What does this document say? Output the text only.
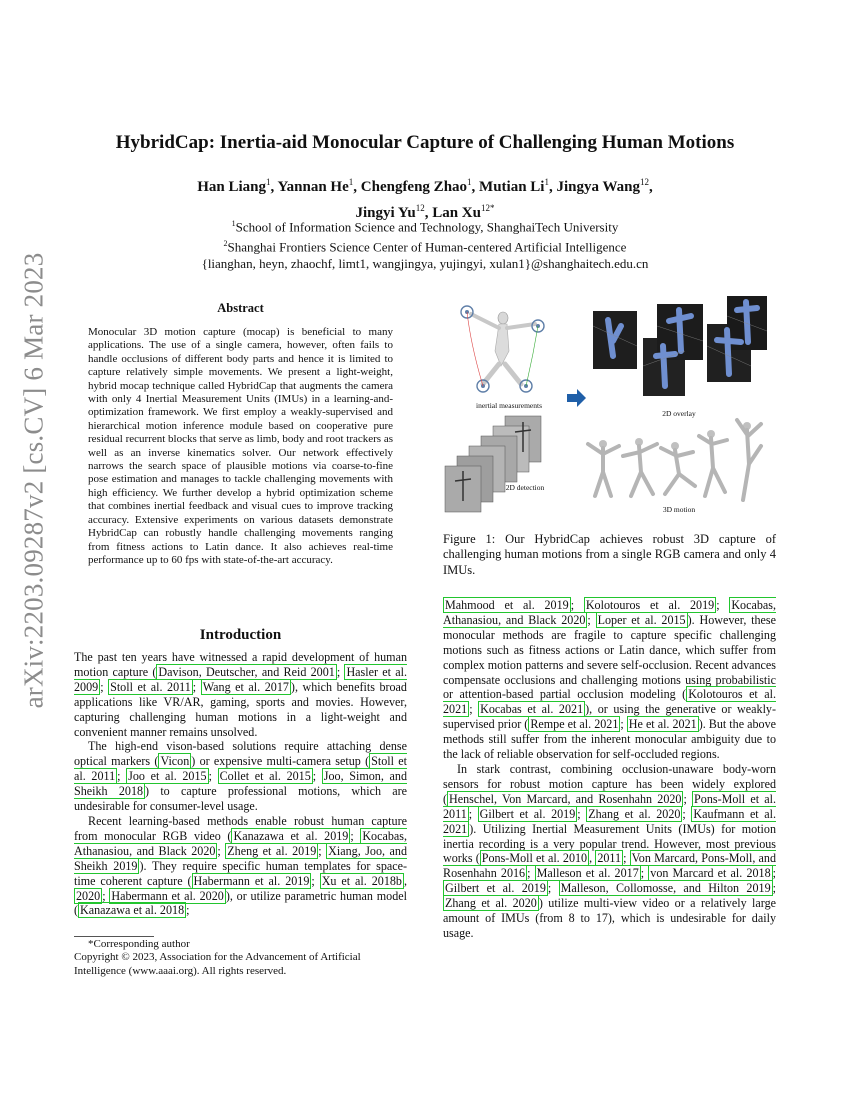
arXiv:2203.09287v2 [cs.CV] 6 Mar 2023
HybridCap: Inertia-aid Monocular Capture of Challenging Human Motions
Han Liang$^1$, Yannan He$^1$, Chengfeng Zhao$^1$, Mutian Li$^1$, Jingya Wang$^{12}$,
Jingyi Yu$^{12}$, Lan $Xu^{12*}$
$^1$School of Information Science and Technology, ShanghaiTech University
$^2$Shanghai Frontiers Science Center of Human-centered Artificial Intelligence
{lianghan, heyn, zhaochf, limt1, wangjingya, yujingyi, xulan1}@shanghaitech.edu.cn
Abstract
Monocular 3D motion capture (mocap) is beneficial to many applications. The use of a single camera, however, often fails to handle occlusions of different body parts and hence it is limited to capture relatively simple movements. We present a light-weight, hybrid mocap technique called HybridCap that augments the camera with only 4 Inertial Measurement Units (IMUs) in a learning-and-optimization framework. We first employ a weakly-supervised and hierarchical motion inference module based on cooperative pure residual recurrent blocks that serve as limb, body and root trackers as well as an inverse kinematics solver. Our network effectively narrows the search space of plausible motions via coarse-to-fine pose estimation and manages to tackle challenging movements with high efficiency. We further develop a hybrid optimization scheme that combines inertial feedback and visual cues to improve tracking accuracy. Extensive experiments on various datasets demonstrate HybridCap can robustly handle challenging movements ranging from fitness actions to Latin dance. It also achieves real-time performance up to 60 fps with state-of-the-art accuracy.
Introduction

The past ten years have witnessed a rapid development of human motion capture ( Davison, Deutscher, and Reid 2001 ; Hasler et al. 2009 ; Stoll et al. 2011 ; Wang et al. 2017 ), which benefits broad applications like VR/AR, gaming, sports and movies. However, capturing challenging human motions in a light-weight and convenient manner remains unsolved.

The high-end vison-based solutions require attaching dense optical markers ( Vicon ) or expensive multi-camera setup ( Stoll et al. 2011 ; Joo et al. 2015 ; Collet et al. 2015 ; Joo, Simon, and Sheikh 2018 ) to capture professional motions, which are undesirable for consumer-level usage.

Recent learning-based methods enable robust human capture from monocular RGB video ( Kanazawa et al. 2019 ; Kocabas, Athanasiou, and Black 2020 ; Zheng et al. 2019 ; Xiang, Joo, and Sheikh 2019 ). They require specific human templates for space-time coherent capture ( Habermann et al. 2019 ; Xu et al. 2018b , 2020 ; Habermann et al. 2020 ), or utilize parametric human model ( Kanazawa et al. 2018 ;

*Corresponding author
Copyright © 2023, Association for the Advancement of Artificial Intelligence (www.aaai.org). All rights reserved.
inertial measurements
2D overlay
2D detection
3D motion
Figure 1: Our HybridCap achieves robust 3D capture of challenging human motions from a single RGB camera and only 4 IMUs.

Mahmood et al. 2019 ; Kolotouros et al. 2019 ; Kocabas, Athanasiou, and Black 2020 ; Loper et al. 2015 ). However, these monocular methods are fragile to capture specific challenging motions such as fitness actions or Latin dance, which suffer from complex motion patterns and severe self-occlusion. Recent advances compensate occlusions and challenging motions using probabilistic or attention-based partial occlusion modeling ( Kolotouros et al. 2021 ; Kocabas et al. 2021 ), or using the generative or weakly-supervised prior ( Rempe et al. 2021 ; He et al. 2021 ). But the above methods still suffer from the inherent monocular ambiguity due to the lack of reliable observation for self-occluded regions.

In stark contrast, combining occlusion-unaware body-worn sensors for robust motion capture has been widely explored ( Henschel, Von Marcard, and Rosenhahn 2020 ; Pons-Moll et al. 2011 ; Gilbert et al. 2019 ; Zhang et al. 2020 ; Kaufmann et al. 2021 ). Utilizing Inertial Measurement Units (IMUs) for motion inertia recording is a very popular trend. However, most previous works ( Pons-Moll et al. 2010 , 2011 ; Von Marcard, Pons-Moll, and Rosenhahn 2016 ; Malleson et al. 2017 ; von Marcard et al. 2018 ; Gilbert et al. 2019 ; Malleson, Collomosse, and Hilton 2019 ; Zhang et al. 2020 ) utilize multi-view video or a relatively large amount of IMUs (from 8 to 17), which is undesirable for daily usage.
